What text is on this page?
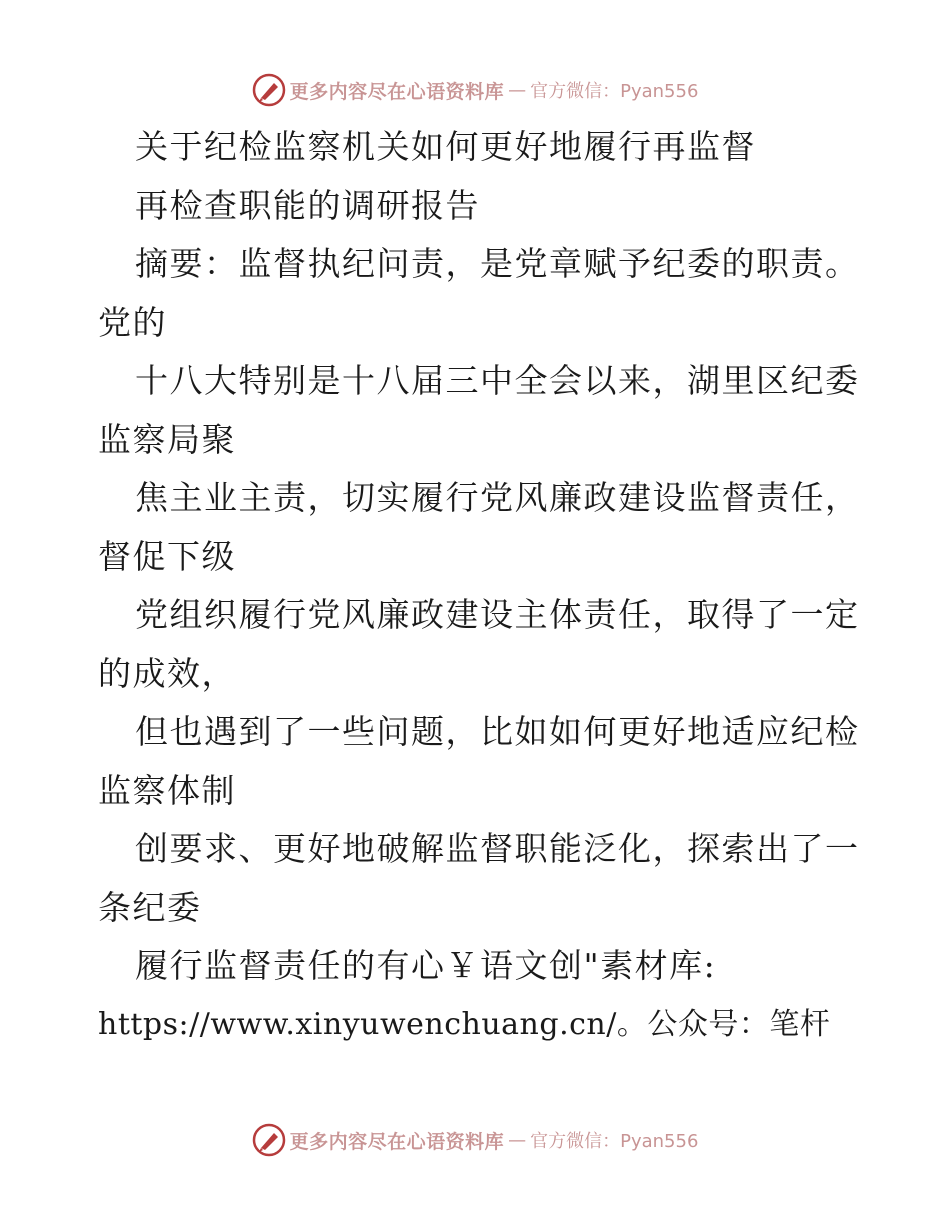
更多内容尽在心语资料库 — 官方微信：Pyan556
关于纪检监察机关如何更好地履行再监督
再检查职能的调研报告
摘要：监督执纪问责，是党章赋予纪委的职责。
党的
十八大特别是十八届三中全会以来，湖里区纪委
监察局聚
焦主业主责，切实履行党风廉政建设监督责任，
督促下级
党组织履行党风廉政建设主体责任，取得了一定
的成效，
但也遇到了一些问题，比如如何更好地适应纪检
监察体制
创要求、更好地破解监督职能泛化，探索出了一
条纪委
履行监督责任的有心￥语文创"素材库:
https://www.xinyuwenchuang.cn/。公众号：笔杆
更多内容尽在心语资料库 — 官方微信：Pyan556
